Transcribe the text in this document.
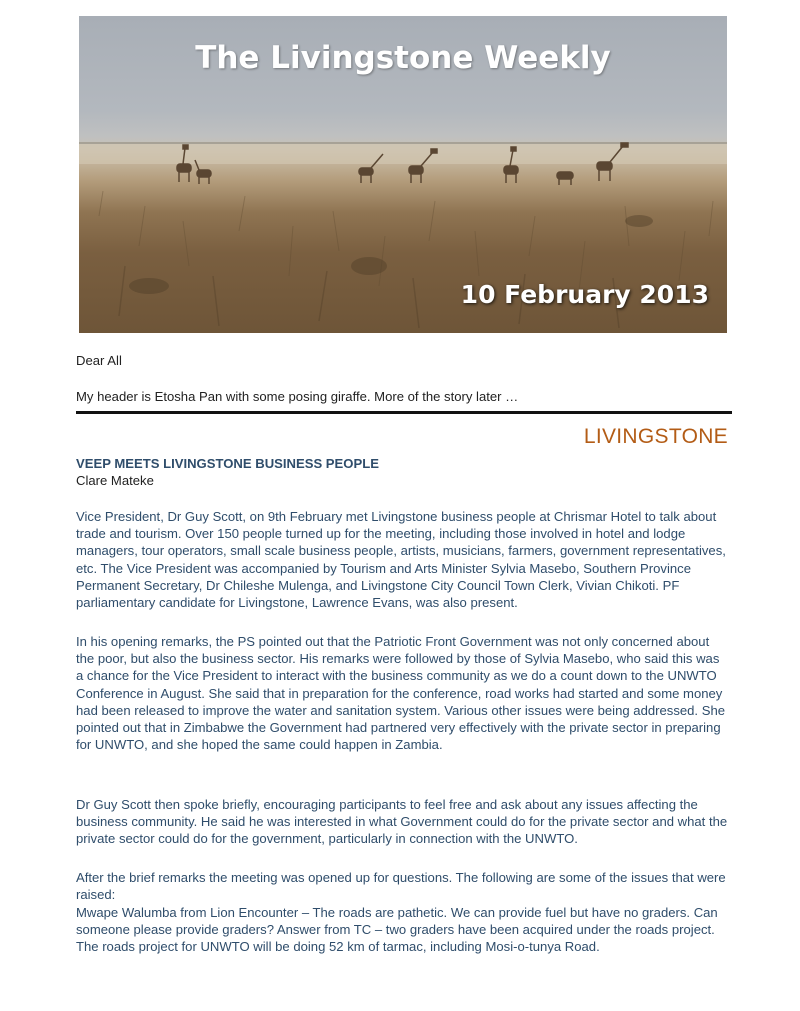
The Livingstone Weekly
10 February 2013

Dear All

My header is Etosha Pan with some posing giraffe. More of the story later …

LIVINGSTONE

VEEP MEETS LIVINGSTONE BUSINESS PEOPLE

Clare Mateke

Vice President, Dr Guy Scott, on 9th February met Livingstone business people at Chrismar Hotel to talk about trade and tourism. Over 150 people turned up for the meeting, including those involved in hotel and lodge managers, tour operators, small scale business people, artists, musicians, farmers, government representatives, etc. The Vice President was accompanied by Tourism and Arts Minister Sylvia Masebo, Southern Province Permanent Secretary, Dr Chileshe Mulenga, and Livingstone City Council Town Clerk, Vivian Chikoti. PF parliamentary candidate for Livingstone, Lawrence Evans, was also present.

In his opening remarks, the PS pointed out that the Patriotic Front Government was not only concerned about the poor, but also the business sector. His remarks were followed by those of Sylvia Masebo, who said this was a chance for the Vice President to interact with the business community as we do a count down to the UNWTO Conference in August. She said that in preparation for the conference, road works had started and some money had been released to improve the water and sanitation system. Various other issues were being addressed. She pointed out that in Zimbabwe the Government had partnered very effectively with the private sector in preparing for UNWTO, and she hoped the same could happen in Zambia.

Dr Guy Scott then spoke briefly, encouraging participants to feel free and ask about any issues affecting the business community. He said he was interested in what Government could do for the private sector and what the private sector could do for the government, particularly in connection with the UNWTO.

After the brief remarks the meeting was opened up for questions. The following are some of the issues that were raised:

Mwape Walumba from Lion Encounter – The roads are pathetic. We can provide fuel but have no graders. Can someone please provide graders? Answer from TC – two graders have been acquired under the roads project. The roads project for UNWTO will be doing 52 km of tarmac, including Mosi-o-tunya Road.
